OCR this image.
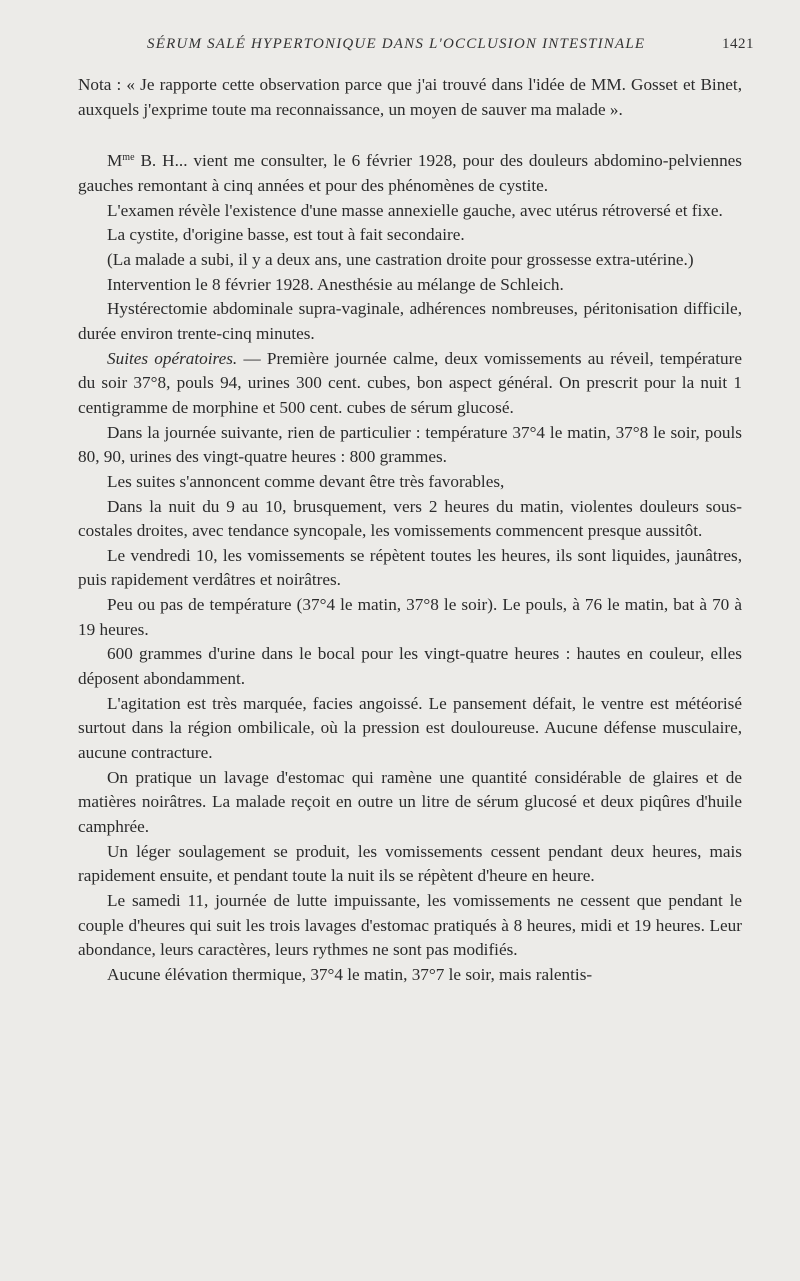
SÉRUM SALÉ HYPERTONIQUE DANS L'OCCLUSION INTESTINALE	1421

Nota : « Je rapporte cette observation parce que j'ai trouvé dans l'idée de MM. Gosset et Binet, auxquels j'exprime toute ma reconnaissance, un moyen de sauver ma malade ».

$M^{me}$ B. H... vient me consulter, le 6 février 1928, pour des douleurs abdomino-pelviennes gauches remontant à cinq années et pour des phénomènes de cystite.

L'examen révèle l'existence d'une masse annexielle gauche, avec utérus rétroversé et fixe.

La cystite, d'origine basse, est tout à fait secondaire.

(La malade a subi, il y a deux ans, une castration droite pour grossesse extra-utérine.)

Intervention le 8 février 1928. Anesthésie au mélange de Schleich.

Hystérectomie abdominale supra-vaginale, adhérences nombreuses, péritonisation difficile, durée environ trente-cinq minutes.

Suites opératoires. — Première journée calme, deux vomissements au réveil, température du soir 37°8, pouls 94, urines 300 cent. cubes, bon aspect général. On prescrit pour la nuit 1 centigramme de morphine et 500 cent. cubes de sérum glucosé.

Dans la journée suivante, rien de particulier : température 37°4 le matin, 37°8 le soir, pouls 80, 90, urines des vingt-quatre heures : 800 grammes.

Les suites s'annoncent comme devant être très favorables,

Dans la nuit du 9 au 10, brusquement, vers 2 heures du matin, violentes douleurs sous-costales droites, avec tendance syncopale, les vomissements commencent presque aussitôt.

Le vendredi 10, les vomissements se répètent toutes les heures, ils sont liquides, jaunâtres, puis rapidement verdâtres et noirâtres.

Peu ou pas de température (37°4 le matin, 37°8 le soir). Le pouls, à 76 le matin, bat à 70 à 19 heures.

600 grammes d'urine dans le bocal pour les vingt-quatre heures : hautes en couleur, elles déposent abondamment.

L'agitation est très marquée, facies angoissé. Le pansement défait, le ventre est météorisé surtout dans la région ombilicale, où la pression est douloureuse. Aucune défense musculaire, aucune contracture.

On pratique un lavage d'estomac qui ramène une quantité considérable de glaires et de matières noirâtres. La malade reçoit en outre un litre de sérum glucosé et deux piqûres d'huile camphrée.

Un léger soulagement se produit, les vomissements cessent pendant deux heures, mais rapidement ensuite, et pendant toute la nuit ils se répètent d'heure en heure.

Le samedi 11, journée de lutte impuissante, les vomissements ne cessent que pendant le couple d'heures qui suit les trois lavages d'estomac pratiqués à 8 heures, midi et 19 heures. Leur abondance, leurs caractères, leurs rythmes ne sont pas modifiés.

Aucune élévation thermique, 37°4 le matin, 37°7 le soir, mais ralentis-
